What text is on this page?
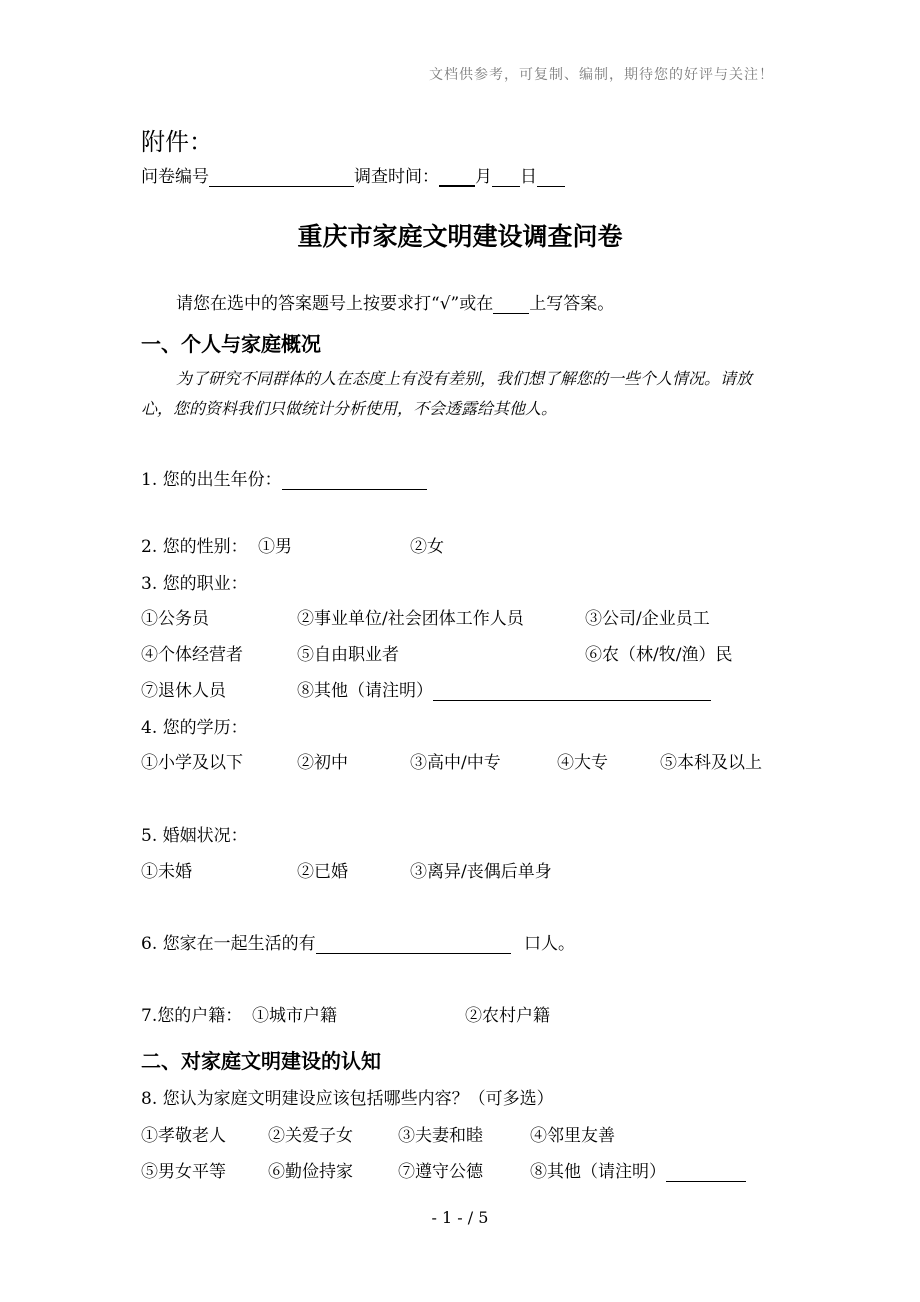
文档供参考，可复制、编制，期待您的好评与关注！
附件：
问卷编号	调查时间： 月 日
重庆市家庭文明建设调查问卷
请您在选中的答案题号上按要求打“√”或在 上写答案。
一、个人与家庭概况
为了研究不同群体的人在态度上有没有差别，我们想了解您的一些个人情况。请放心，您的资料我们只做统计分析使用，不会透露给其他人。
1. 您的出生年份：
2. 您的性别： ①男	②女
3. 您的职业：
①公务员	②事业单位/社会团体工作人员	③公司/企业员工
④个体经营者	⑤自由职业者	⑥农（林/牧/渔）民
⑦退休人员	⑧其他（请注明）
4. 您的学历：
①小学及以下	②初中	③高中/中专	④大专	⑤本科及以上
5. 婚姻状况：
①未婚	②已婚	③离异/丧偶后单身
6. 您家在一起生活的有	口人。
7.您的户籍： ①城市户籍	②农村户籍
二、对家庭文明建设的认知
8. 您认为家庭文明建设应该包括哪些内容？（可多选）
①孝敬老人 ②关爱子女	③夫妻和睦	④邻里友善
⑤男女平等 ⑥勤俭持家	⑦遵守公德	⑧其他（请注明）
- 1 - / 5
